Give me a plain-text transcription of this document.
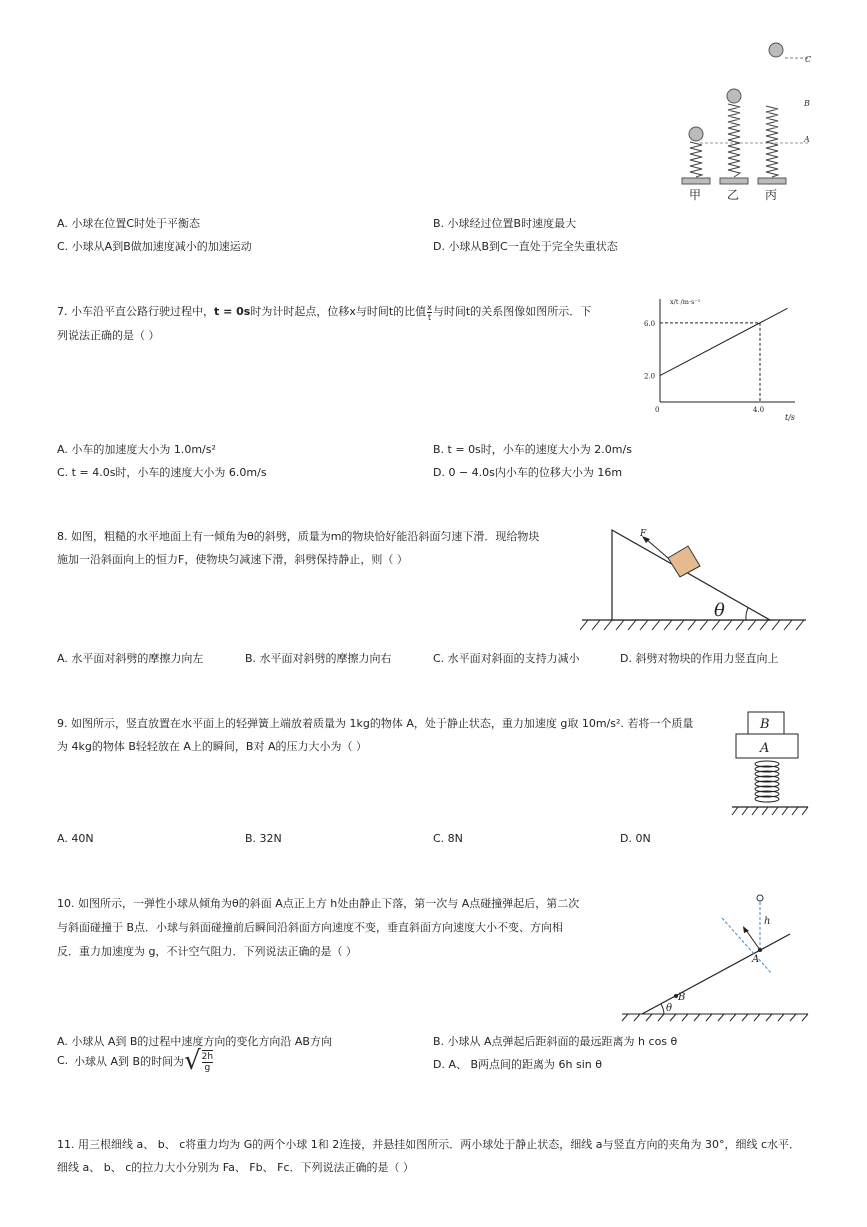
C
B
A
甲 乙 丙
A. 小球在位置C时处于平衡态	B. 小球经过位置B时速度最大
C. 小球从A到B做加速度减小的加速运动	D. 小球从B到C一直处于完全失重状态
7. 小车沿平直公路行驶过程中，t = 0s时为计时起点，位移x与时间t的比值 $\frac{x}{t}$ 与时间t的关系图像如图所示．下
列说法正确的是（ ）
2.0
6.0
0	4.0
t/s
x/t /m·s⁻¹
A. 小车的加速度大小为 1.0m/s²	B. t = 0s时，小车的速度大小为 2.0m/s
C. t = 4.0s时，小车的速度大小为 6.0m/s	D. 0 − 4.0s内小车的位移大小为 16m
8. 如图，粗糙的水平地面上有一倾角为θ的斜劈，质量为m的物块恰好能沿斜面匀速下滑．现给物块
施加一沿斜面向上的恒力F，使物块匀减速下滑，斜劈保持静止，则（ ）
F
θ
A. 水平面对斜劈的摩擦力向左	B. 水平面对斜劈的摩擦力向右	C. 水平面对斜面的支持力减小	D. 斜劈对物块的作用力竖直向上
9. 如图所示，竖直放置在水平面上的轻弹簧上端放着质量为 1kg的物体 A，处于静止状态，重力加速度 g取 10m/s². 若将一个质量
为 4kg的物体 B轻轻放在 A上的瞬间，B对 A的压力大小为（ ）
B
A
A. 40N	B. 32N	C. 8N	D. 0N
10. 如图所示，一弹性小球从倾角为θ的斜面 A点正上方 h处由静止下落，第一次与 A点碰撞弹起后，第二次
与斜面碰撞于 B点．小球与斜面碰撞前后瞬间沿斜面方向速度不变，垂直斜面方向速度大小不变、方向相
反．重力加速度为 g，不计空气阻力．下列说法正确的是（ ）
h
A
B
θ
A. 小球从 A到 B的过程中速度方向的变化方向沿 AB方向	B. 小球从 A点弹起后距斜面的最远距离为 h cos θ
C. 小球从 A到 B的时间为 √ $\frac{2h}{g}$	D. A、 B两点间的距离为 6h sin θ
11. 用三根细线 a、 b、 c将重力均为 G的两个小球 1和 2连接，并悬挂如图所示．两小球处于静止状态，细线 a与竖直方向的夹角为 30°，细线 c水平．
细线 a、 b、 c的拉力大小分别为 Fa、 Fb、 Fc．下列说法正确的是（ ）
